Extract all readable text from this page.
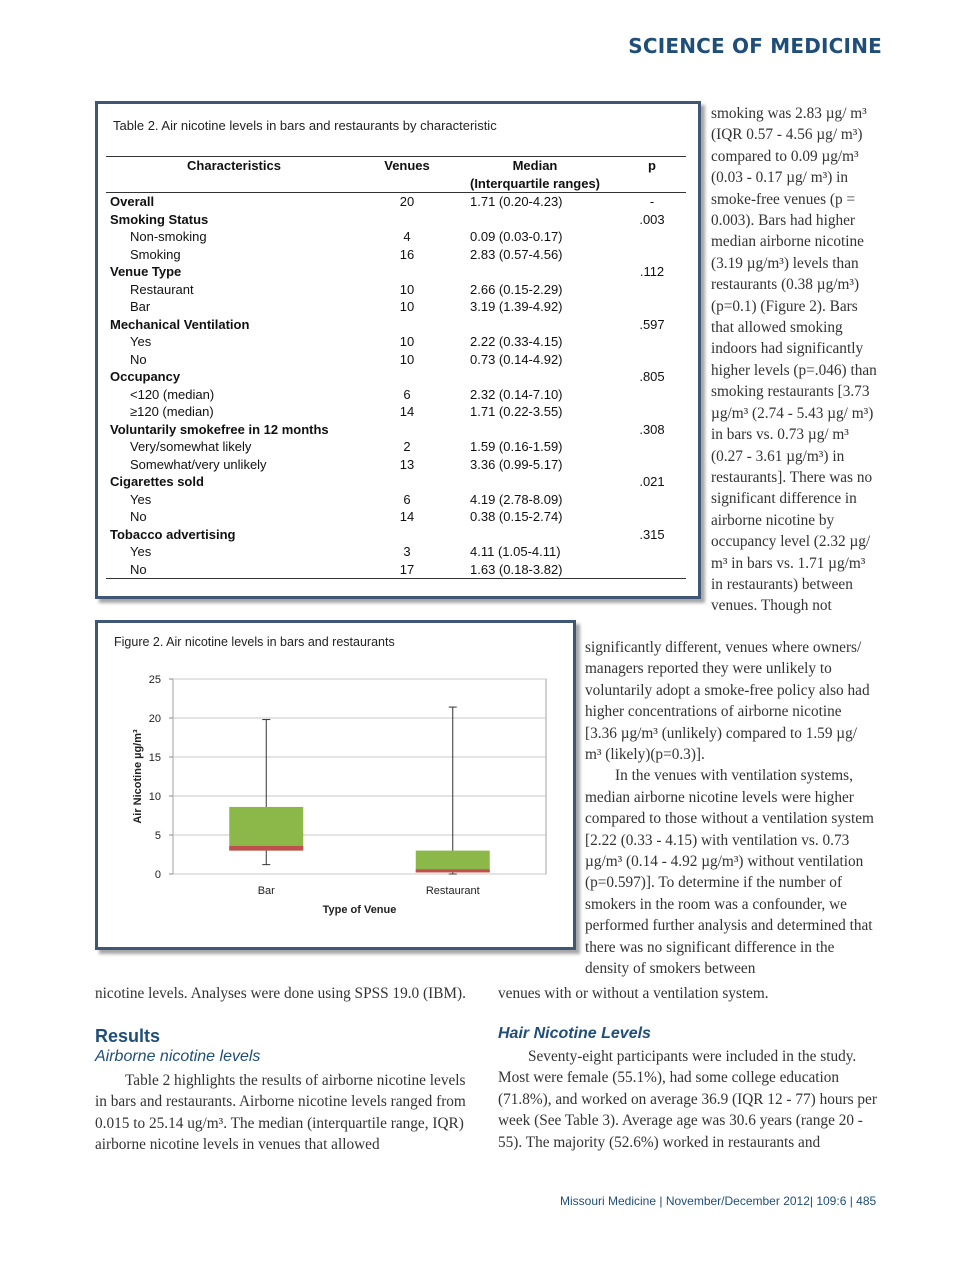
SCIENCE OF MEDICINE
Table 2. Air nicotine levels in bars and restaurants by characteristic
Characteristics	Venues	Median	p
		(Interquartile ranges)	
Overall	20	1.71 (0.20-4.23)	-
Smoking Status			.003
Non-smoking	4	0.09 (0.03-0.17)	
Smoking	16	2.83 (0.57-4.56)	
Venue Type			.112
Restaurant	10	2.66 (0.15-2.29)	
Bar	10	3.19 (1.39-4.92)	
Mechanical Ventilation			.597
Yes	10	2.22 (0.33-4.15)	
No	10	0.73 (0.14-4.92)	
Occupancy			.805
<120 (median)	6	2.32 (0.14-7.10)	
≥120 (median)	14	1.71 (0.22-3.55)	
Voluntarily smokefree in 12 months			.308
Very/somewhat likely	2	1.59 (0.16-1.59)	
Somewhat/very unlikely	13	3.36 (0.99-5.17)	
Cigarettes sold			.021
Yes	6	4.19 (2.78-8.09)	
No	14	0.38 (0.15-2.74)	
Tobacco advertising			.315
Yes	3	4.11 (1.05-4.11)	
No	17	1.63 (0.18-3.82)	
Figure 2. Air nicotine levels in bars and restaurants
0
5
10
15
20
25
Air Nicotine µg/m³
Bar	Restaurant
Type of Venue

smoking was 2.83 µg/ m³ (IQR 0.57 - 4.56 µg/ m³) compared to 0.09 µg/m³ (0.03 - 0.17 µg/ m³) in smoke-free venues (p = 0.003). Bars had higher median airborne nicotine (3.19 µg/m³) levels than restaurants (0.38 µg/m³) (p=0.1) (Figure 2). Bars that allowed smoking indoors had significantly higher levels (p=.046) than smoking restaurants [3.73 µg/m³ (2.74 - 5.43 µg/ m³) in bars vs. 0.73 µg/ m³ (0.27 - 3.61 µg/m³) in restaurants]. There was no significant difference in airborne nicotine by occupancy level (2.32 µg/ m³ in bars vs. 1.71 µg/m³ in restaurants) between venues. Though not

significantly different, venues where owners/ managers reported they were unlikely to voluntarily adopt a smoke-free policy also had higher concentrations of airborne nicotine [3.36 µg/m³ (unlikely) compared to 1.59 µg/ m³ (likely)(p=0.3)].

In the venues with ventilation systems, median airborne nicotine levels were higher compared to those without a ventilation system [2.22 (0.33 - 4.15) with ventilation vs. 0.73 µg/m³ (0.14 - 4.92 µg/m³) without ventilation (p=0.597)]. To determine if the number of smokers in the room was a confounder, we performed further analysis and determined that there was no significant difference in the density of smokers between

venues with or without a ventilation system.
nicotine levels. Analyses were done using SPSS 19.0 (IBM).
Results
Airborne nicotine levels

Table 2 highlights the results of airborne nicotine levels in bars and restaurants. Airborne nicotine levels ranged from 0.015 to 25.14 ug/m³. The median (interquartile range, IQR) airborne nicotine levels in venues that allowed

Hair Nicotine Levels

Seventy-eight participants were included in the study. Most were female (55.1%), had some college education (71.8%), and worked on average 36.9 (IQR 12 - 77) hours per week (See Table 3). Average age was 30.6 years (range 20 - 55). The majority (52.6%) worked in restaurants and

Missouri Medicine | November/December 2012| 109:6 | 485
